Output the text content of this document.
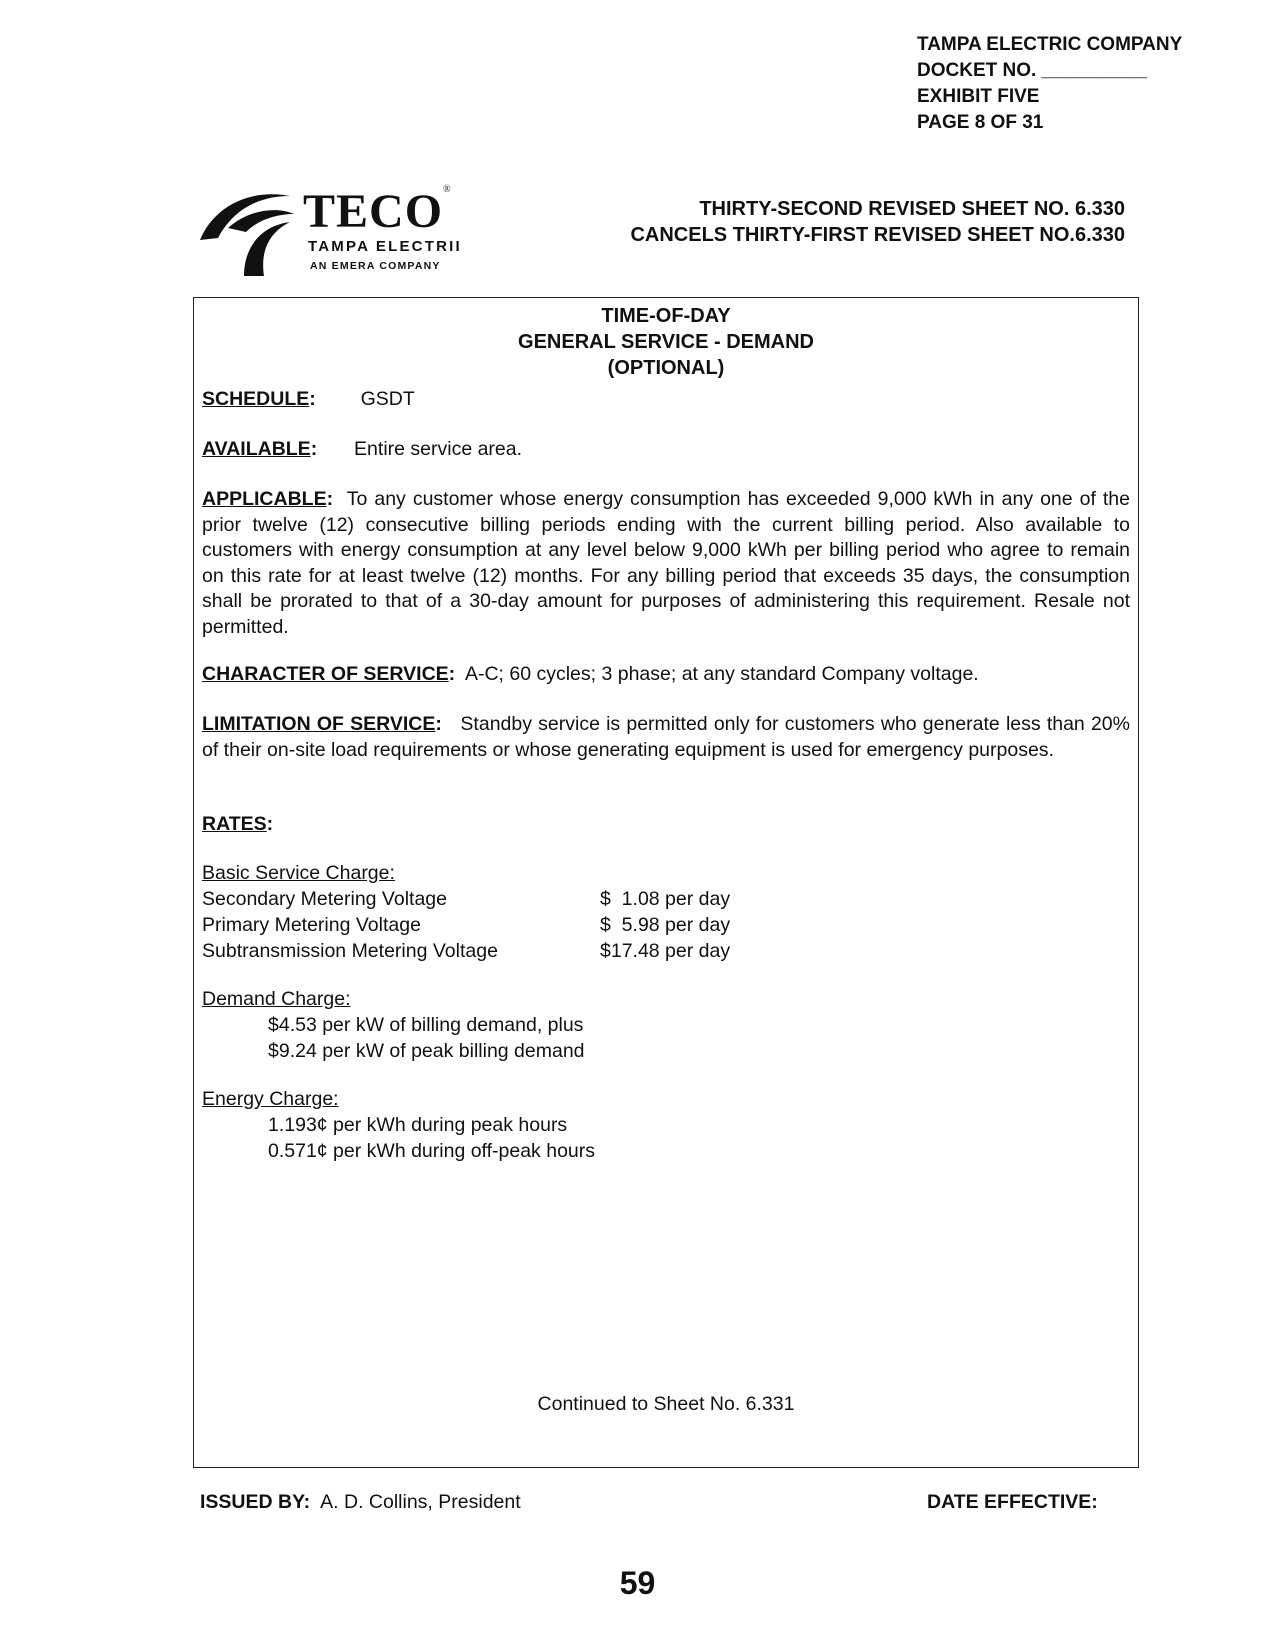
TAMPA ELECTRIC COMPANY
DOCKET NO. __________
EXHIBIT FIVE
PAGE 8 OF 31
TECO®
TAMPA ELECTRII
AN EMERA COMPANY
THIRTY-SECOND REVISED SHEET NO. 6.330
CANCELS THIRTY-FIRST REVISED SHEET NO.6.330
TIME-OF-DAY
GENERAL SERVICE - DEMAND
(OPTIONAL)
SCHEDULE: GSDT
AVAILABLE: Entire service area.
APPLICABLE: To any customer whose energy consumption has exceeded 9,000 kWh in any one of the prior twelve (12) consecutive billing periods ending with the current billing period. Also available to customers with energy consumption at any level below 9,000 kWh per billing period who agree to remain on this rate for at least twelve (12) months. For any billing period that exceeds 35 days, the consumption shall be prorated to that of a 30-day amount for purposes of administering this requirement. Resale not permitted.
CHARACTER OF SERVICE: A-C; 60 cycles; 3 phase; at any standard Company voltage.
LIMITATION OF SERVICE: Standby service is permitted only for customers who generate less than 20% of their on-site load requirements or whose generating equipment is used for emergency purposes.
RATES:
Basic Service Charge:
Secondary Metering Voltage	$  1.08 per day
Primary Metering Voltage	$  5.98 per day
Subtransmission Metering Voltage	$17.48 per day
Demand Charge:
$4.53 per kW of billing demand, plus
$9.24 per kW of peak billing demand
Energy Charge:
1.193¢ per kWh during peak hours
0.571¢ per kWh during off-peak hours
Continued to Sheet No. 6.331
ISSUED BY: A. D. Collins, President	DATE EFFECTIVE:
59
